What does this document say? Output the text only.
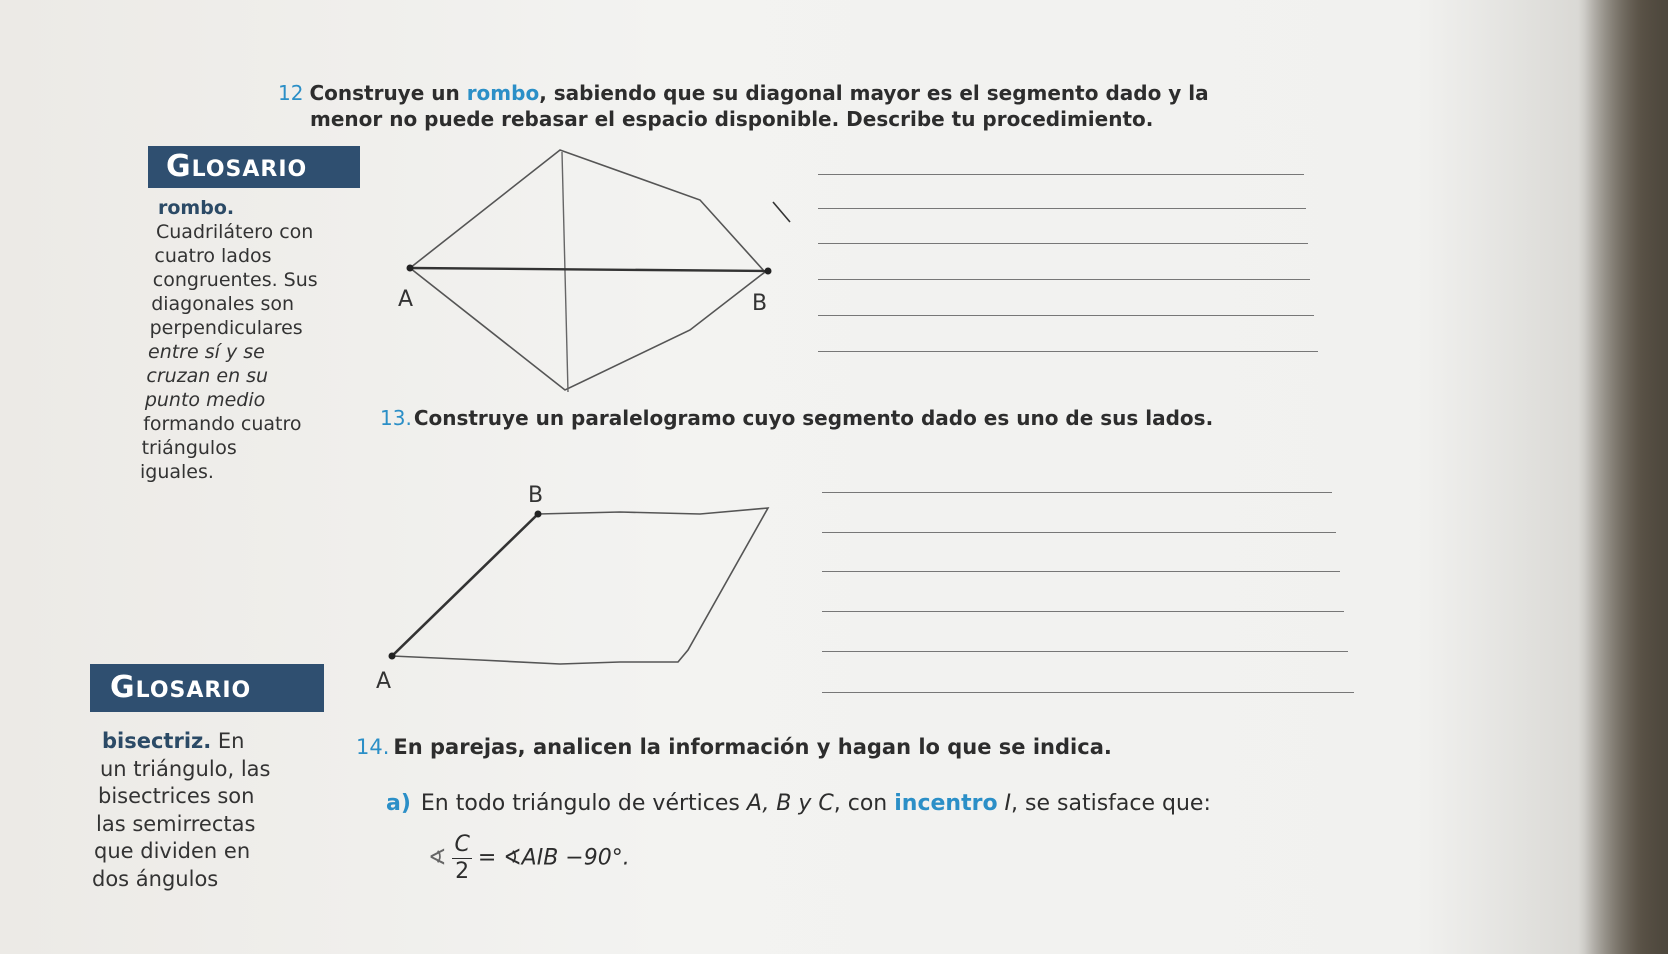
12 Construye un rombo, sabiendo que su diagonal mayor es el segmento dado y la
menor no puede rebasar el espacio disponible. Describe tu procedimiento.
GLOSARIO
rombo.
Cuadrilátero con
cuatro lados
congruentes. Sus
diagonales son
perpendiculares
entre sí y se
cruzan en su
punto medio
formando cuatro
triángulos
iguales.
A	B
B
A
13. Construye un paralelogramo cuyo segmento dado es uno de sus lados.
GLOSARIO
bisectriz. En
un triángulo, las
bisectrices son
las semirrectas
que dividen en
dos ángulos
14. En parejas, analicen la información y hagan lo que se indica.
a) En todo triángulo de vértices A, B y C, con incentro I, se satisface que:
∢ $\frac{C}{2}$ = ∢AIB −90°.
